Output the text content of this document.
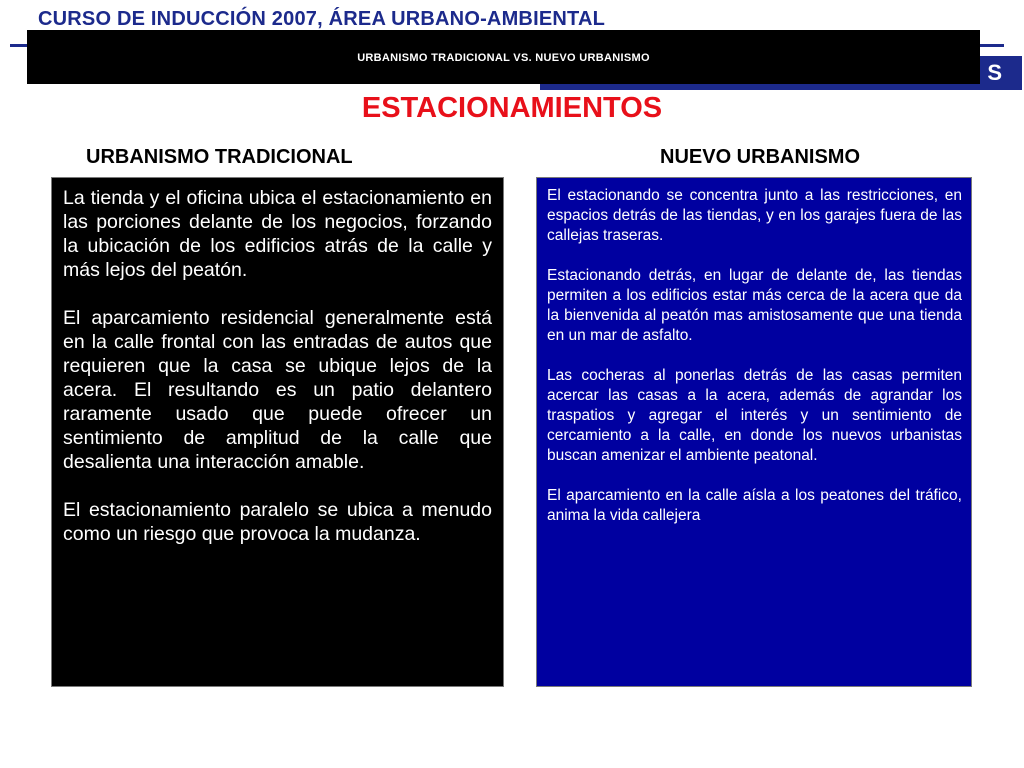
CURSO DE INDUCCIÓN 2007, ÁREA URBANO-AMBIENTAL
S
URBANISMO TRADICIONAL VS. NUEVO URBANISMO
ESTACIONAMIENTOS
URBANISMO TRADICIONAL	NUEVO URBANISMO

La tienda y el oficina ubica el estacionamiento en las porciones delante de los negocios, forzando la ubicación de los edificios atrás de la calle y más lejos del peatón.

El aparcamiento residencial generalmente está en la calle frontal con las entradas de autos que requieren que la casa se ubique lejos de la acera. El resultando es un patio delantero raramente usado que puede ofrecer un sentimiento de amplitud de la calle que desalienta una interacción amable.

El estacionamiento paralelo se ubica a menudo como un riesgo que provoca la mudanza.

El estacionando se concentra junto a las restricciones, en espacios detrás de las tiendas, y en los garajes fuera de las callejas traseras.

Estacionando detrás, en lugar de delante de, las tiendas permiten a los edificios estar más cerca de la acera que da la bienvenida al peatón mas amistosamente que una tienda en un mar de asfalto.

Las cocheras al ponerlas detrás de las casas permiten acercar las casas a la acera, además de agrandar los traspatios y agregar el interés y un sentimiento de cercamiento a la calle, en donde los nuevos urbanistas buscan amenizar el ambiente peatonal.

El aparcamiento en la calle aísla a los peatones del tráfico, anima la vida callejera
